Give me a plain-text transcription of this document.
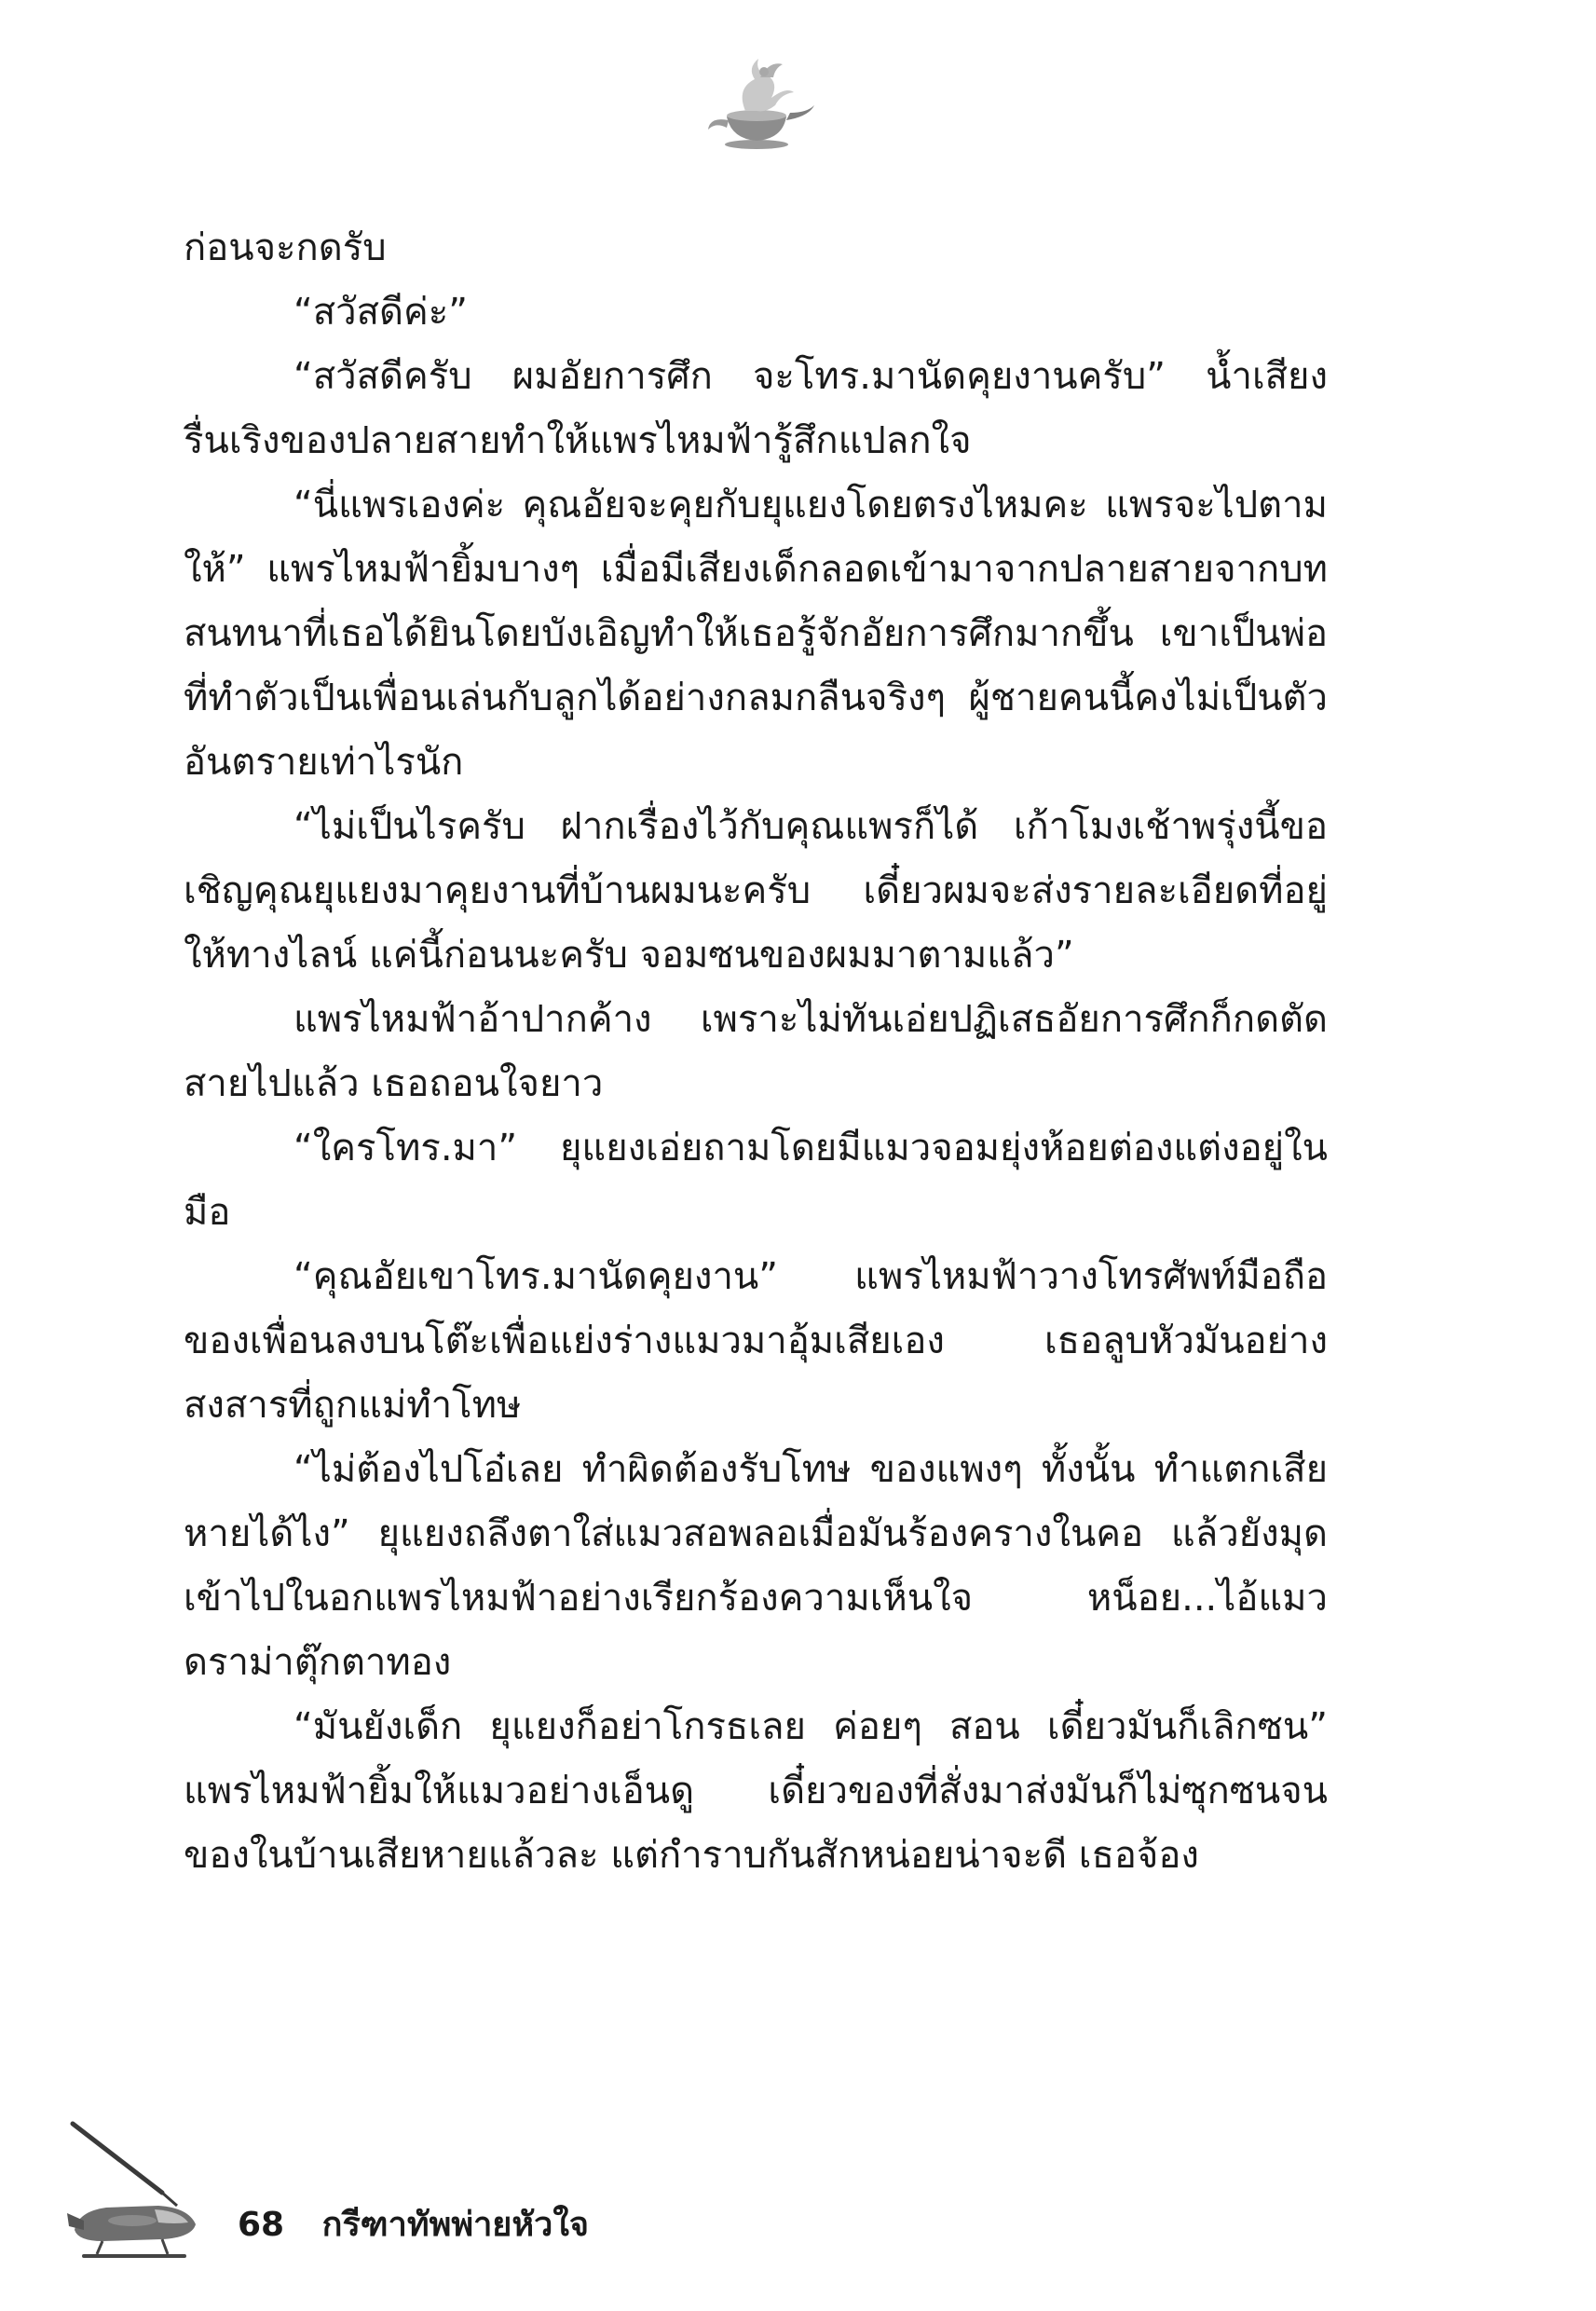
ก่อนจะกดรับ

“สวัสดีค่ะ”

“สวัสดีครับ ผมอัยการศึก จะโทร.มานัดคุยงานครับ” น้ำเสียงรื่นเริงของปลายสายทำให้แพรไหมฟ้ารู้สึกแปลกใจ

“นี่แพรเองค่ะ คุณอัยจะคุยกับยุแยงโดยตรงไหมคะ แพรจะไปตามให้” แพรไหมฟ้ายิ้มบางๆ เมื่อมีเสียงเด็กลอดเข้ามาจากปลายสายจากบทสนทนาที่เธอได้ยินโดยบังเอิญทำให้เธอรู้จักอัยการศึกมากขึ้น เขาเป็นพ่อที่ทำตัวเป็นเพื่อนเล่นกับลูกได้อย่างกลมกลืนจริงๆ ผู้ชายคนนี้คงไม่เป็นตัวอันตรายเท่าไรนัก

“ไม่เป็นไรครับ ฝากเรื่องไว้กับคุณแพรก็ได้ เก้าโมงเช้าพรุ่งนี้ขอเชิญคุณยุแยงมาคุยงานที่บ้านผมนะครับ เดี๋ยวผมจะส่งรายละเอียดที่อยู่ให้ทางไลน์ แค่นี้ก่อนนะครับ จอมซนของผมมาตามแล้ว”

แพรไหมฟ้าอ้าปากค้าง เพราะไม่ทันเอ่ยปฏิเสธอัยการศึกก็กดตัดสายไปแล้ว เธอถอนใจยาว

“ใครโทร.มา” ยุแยงเอ่ยถามโดยมีแมวจอมยุ่งห้อยต่องแต่งอยู่ในมือ

“คุณอัยเขาโทร.มานัดคุยงาน” แพรไหมฟ้าวางโทรศัพท์มือถือของเพื่อนลงบนโต๊ะเพื่อแย่งร่างแมวมาอุ้มเสียเอง เธอลูบหัวมันอย่างสงสารที่ถูกแม่ทำโทษ

“ไม่ต้องไปโอ๋เลย ทำผิดต้องรับโทษ ของแพงๆ ทั้งนั้น ทำแตกเสียหายได้ไง” ยุแยงถลึงตาใส่แมวสอพลอเมื่อมันร้องครางในคอ แล้วยังมุดเข้าไปในอกแพรไหมฟ้าอย่างเรียกร้องความเห็นใจ หน็อย...ไอ้แมวดราม่าตุ๊กตาทอง

“มันยังเด็ก ยุแยงก็อย่าโกรธเลย ค่อยๆ สอน เดี๋ยวมันก็เลิกซน” แพรไหมฟ้ายิ้มให้แมวอย่างเอ็นดู เดี๋ยวของที่สั่งมาส่งมันก็ไม่ซุกซนจนของในบ้านเสียหายแล้วละ แต่กำราบกันสักหน่อยน่าจะดี เธอจ้อง

68 กรีฑาทัพพ่ายหัวใจ
